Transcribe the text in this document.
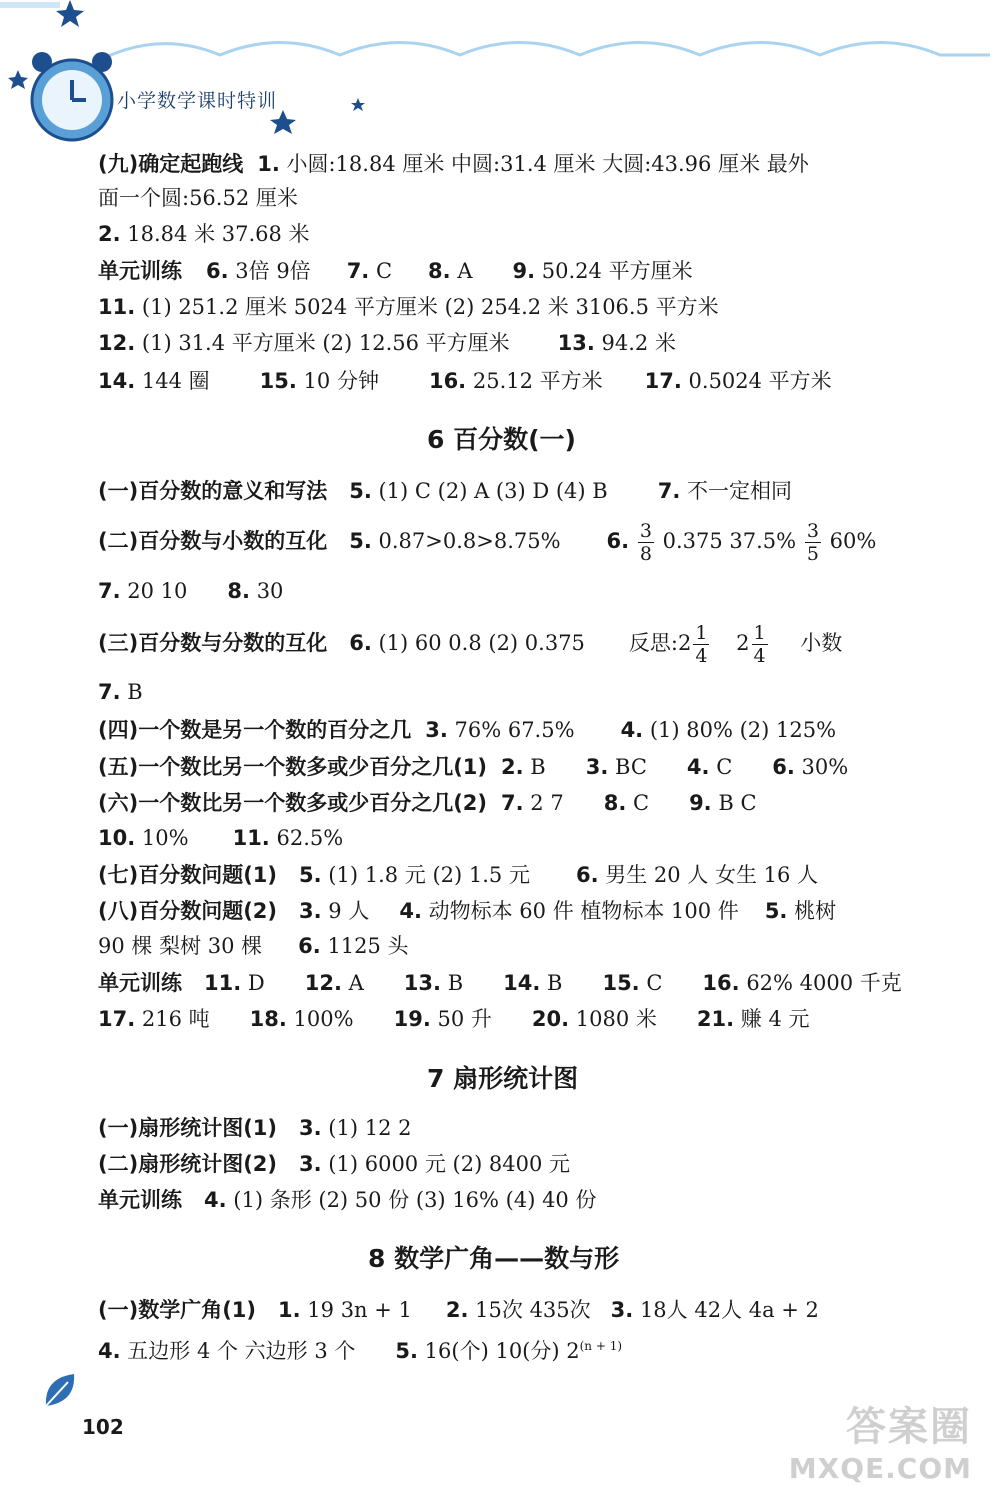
小学数学课时特训
(九)确定起跑线 1. 小圆:18.84 厘米 中圆:31.4 厘米 大圆:43.96 厘米 最外
面一个圆:56.52 厘米
2. 18.84 米 37.68 米
单元训练 6. 3倍 9倍 7. C 8. A 9. 50.24 平方厘米
11. (1) 251.2 厘米 5024 平方厘米 (2) 254.2 米 3106.5 平方米
12. (1) 31.4 平方厘米 (2) 12.56 平方厘米 13. 94.2 米
14. 144 圈 15. 10 分钟 16. 25.12 平方米 17. 0.5024 平方米
6 百分数(一)
(一)百分数的意义和写法 5. (1) C (2) A (3) D (4) B 7. 不一定相同
(二)百分数与小数的互化 5. 0.87>0.8>8.75% 6. $\frac{3}{8} 0.375$ $37.5\% \frac{3}{5} 60\%$
7. 20 10 8. 30
(三)百分数与分数的互化 6. (1) 60 0.8 (2) 0.375 反思:2 $\frac{1}{4} 2 \frac{1}{4}$ 小数
7. B
(四)一个数是另一个数的百分之几 3. 76% 67.5% 4. (1) 80% (2) 125%
(五)一个数比另一个数多或少百分之几(1) 2. B 3. BC 4. C 6. 30%
(六)一个数比另一个数多或少百分之几(2) 7. 2 7 8. C 9. B C
10. 10% 11. 62.5%
(七)百分数问题(1) 5. (1) 1.8 元 (2) 1.5 元 6. 男生 20 人 女生 16 人
(八)百分数问题(2) 3. 9 人 4. 动物标本 60 件 植物标本 100 件 5. 桃树
90 棵 梨树 30 棵 6. 1125 头
单元训练 11. D 12. A 13. B 14. B 15. C 16. 62% 4000 千克
17. 216 吨 18. 100% 19. 50 升 20. 1080 米 21. 赚 4 元
7 扇形统计图
(一)扇形统计图(1) 3. (1) 12 2
(二)扇形统计图(2) 3. (1) 6000 元 (2) 8400 元
单元训练 4. (1) 条形 (2) 50 份 (3) 16% (4) 40 份
8 数学广角——数与形
(一)数学广角(1) 1. 19 3n + 1 2. 15次 435次 3. 18人 42人 4a + 2
4. 五边形 4 个 六边形 3 个 5. 16(个) 10(分) $2^{(n + 1)}$
102	答案圈
MXQE.COM
